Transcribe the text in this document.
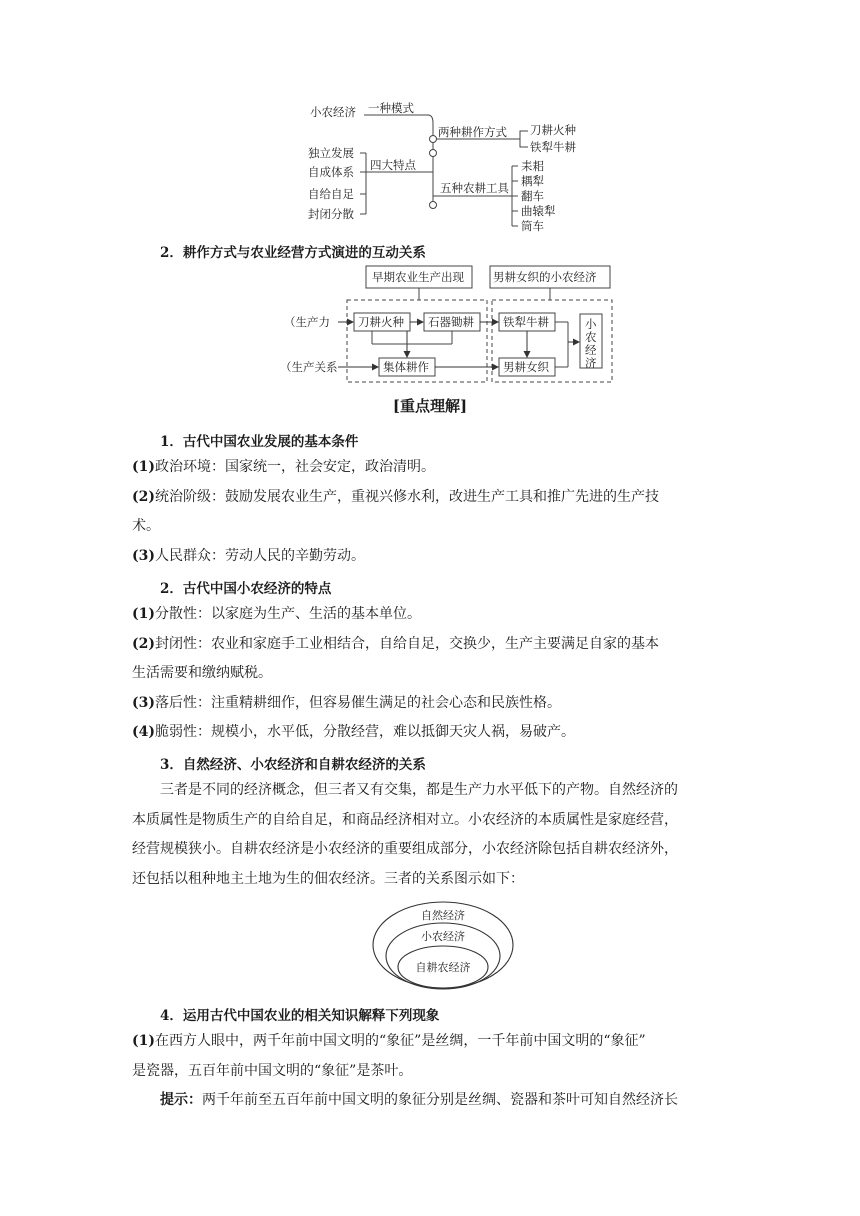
小农经济 一种模式
两种耕作方式 刀耕火种
铁犁牛耕
四大特点
独立发展
自成体系
自给自足
封闭分散
五种农耕工具
耒耜
耦犁
翻车
曲辕犁
筒车
2．耕作方式与农业经营方式演进的互动关系
早期农业生产出现	男耕女织的小农经济
（生产力
（生产关系
刀耕火种 石器锄耕	铁犁牛耕
集体耕作	男耕女织
小
农
经
济
[重点理解]
1．古代中国农业发展的基本条件
(1)政治环境：国家统一，社会安定，政治清明。
(2)统治阶级：鼓励发展农业生产，重视兴修水利，改进生产工具和推广先进的生产技
术。
(3)人民群众：劳动人民的辛勤劳动。
2．古代中国小农经济的特点
(1)分散性：以家庭为生产、生活的基本单位。
(2)封闭性：农业和家庭手工业相结合，自给自足，交换少，生产主要满足自家的基本
生活需要和缴纳赋税。
(3)落后性：注重精耕细作，但容易催生满足的社会心态和民族性格。
(4)脆弱性：规模小，水平低，分散经营，难以抵御天灾人祸，易破产。
3．自然经济、小农经济和自耕农经济的关系
三者是不同的经济概念，但三者又有交集，都是生产力水平低下的产物。自然经济的
本质属性是物质生产的自给自足，和商品经济相对立。小农经济的本质属性是家庭经营，
经营规模狭小。自耕农经济是小农经济的重要组成部分，小农经济除包括自耕农经济外，
还包括以租种地主土地为生的佃农经济。三者的关系图示如下：
自然经济
小农经济
自耕农经济
4．运用古代中国农业的相关知识解释下列现象
(1)在西方人眼中，两千年前中国文明的“象征”是丝绸，一千年前中国文明的“象征”
是瓷器，五百年前中国文明的“象征”是茶叶。
提示：两千年前至五百年前中国文明的象征分别是丝绸、瓷器和茶叶可知自然经济长
